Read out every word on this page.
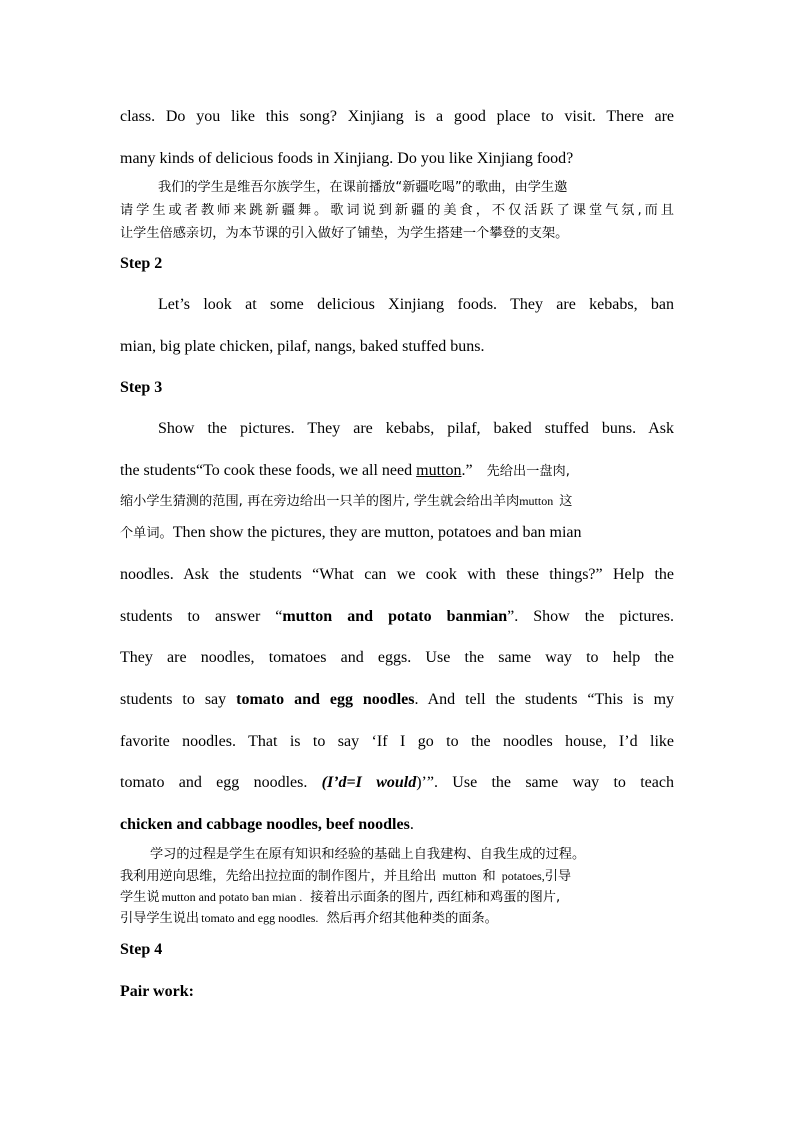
class. Do you like this song? Xinjiang is a good place to visit. There are
many kinds of delicious foods in Xinjiang. Do you like Xinjiang food?
我们的学生是维吾尔族学生，在课前播放“新疆吃喝”的歌曲，由学生邀
请学生或者教师来跳新疆舞。歌词说到新疆的美食，不仅活跃了课堂气氛,而且
让学生倍感亲切，为本节课的引入做好了铺垫，为学生搭建一个攀登的支架。
Step 2
Let’s look at some delicious Xinjiang foods. They are kebabs, ban
mian, big plate chicken, pilaf, nangs, baked stuffed buns.
Step 3
Show the pictures. They are kebabs, pilaf, baked stuffed buns. Ask
the students“To cook these foods, we all need mutton.” 先给出一盘肉,
缩小学生猜测的范围, 再在旁边给出一只羊的图片, 学生就会给出羊肉mutton 这
个单词。Then show the pictures, they are mutton, potatoes and ban mian
noodles. Ask the students “What can we cook with these things?” Help the
students to answer “mutton and potato banmian”. Show the pictures.
They are noodles, tomatoes and eggs. Use the same way to help the
students to say tomato and egg noodles. And tell the students “This is my
favorite noodles. That is to say ‘If I go to the noodles house, I’d like
tomato and egg noodles. (I’d=I would)’”. Use the same way to teach
chicken and cabbage noodles, beef noodles.
学习的过程是学生在原有知识和经验的基础上自我建构、自我生成的过程。
我利用逆向思维，先给出拉拉面的制作图片，并且给出 mutton 和 potatoes,引导
学生说 mutton and potato ban mian . 接着出示面条的图片, 西红柿和鸡蛋的图片,
引导学生说出 tomato and egg noodles. 然后再介绍其他种类的面条。
Step 4
Pair work:
